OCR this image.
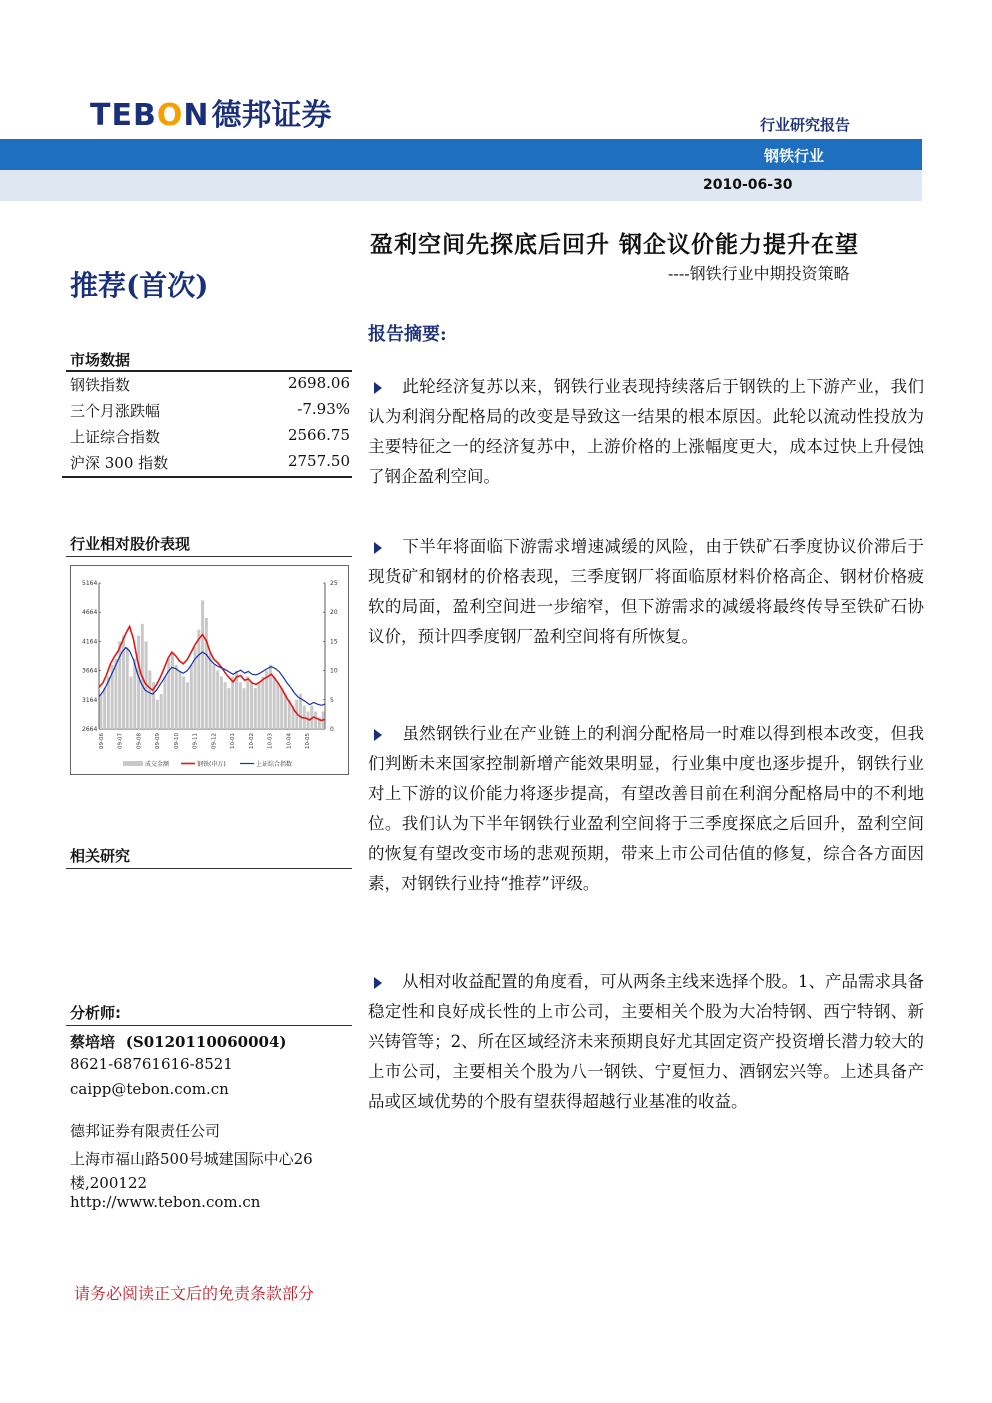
TEBON德邦证券	行业研究报告
钢铁行业
2010-06-30
盈利空间先探底后回升 钢企议价能力提升在望
----钢铁行业中期投资策略
推荐(首次)
报告摘要:
市场数据
钢铁指数	2698.06
三个月涨跌幅	-7.93%
上证综合指数	2566.75
沪深 300 指数	2757.50
行业相对股价表现
5164
4664
4164
3664
3164
2664
25
20
15
10
5
0
09-06 09-07 09-08 09-09 09-10 09-11 09-12 10-01 10-02 10-03 10-04 10-05
成交金额	钢铁(申万)	上证综合指数
相关研究
分析师:
蔡培培 (S0120110060004)
8621-68761616-8521
caipp@tebon.com.cn
德邦证券有限责任公司
上海市福山路500号城建国际中心26楼,200122
http://www.tebon.com.cn
请务必阅读正文后的免责条款部分
此轮经济复苏以来，钢铁行业表现持续落后于钢铁的上下游产业，我们认为利润分配格局的改变是导致这一结果的根本原因。此轮以流动性投放为主要特征之一的经济复苏中，上游价格的上涨幅度更大，成本过快上升侵蚀了钢企盈利空间。
下半年将面临下游需求增速减缓的风险，由于铁矿石季度协议价滞后于现货矿和钢材的价格表现，三季度钢厂将面临原材料价格高企、钢材价格疲软的局面，盈利空间进一步缩窄，但下游需求的减缓将最终传导至铁矿石协议价，预计四季度钢厂盈利空间将有所恢复。
虽然钢铁行业在产业链上的利润分配格局一时难以得到根本改变，但我们判断未来国家控制新增产能效果明显，行业集中度也逐步提升，钢铁行业对上下游的议价能力将逐步提高，有望改善目前在利润分配格局中的不利地位。我们认为下半年钢铁行业盈利空间将于三季度探底之后回升，盈利空间的恢复有望改变市场的悲观预期，带来上市公司估值的修复，综合各方面因素，对钢铁行业持“推荐”评级。
从相对收益配置的角度看，可从两条主线来选择个股。1、产品需求具备稳定性和良好成长性的上市公司，主要相关个股为大冶特钢、西宁特钢、新兴铸管等；2、所在区域经济未来预期良好尤其固定资产投资增长潜力较大的上市公司，主要相关个股为八一钢铁、宁夏恒力、酒钢宏兴等。上述具备产品或区域优势的个股有望获得超越行业基准的收益。
